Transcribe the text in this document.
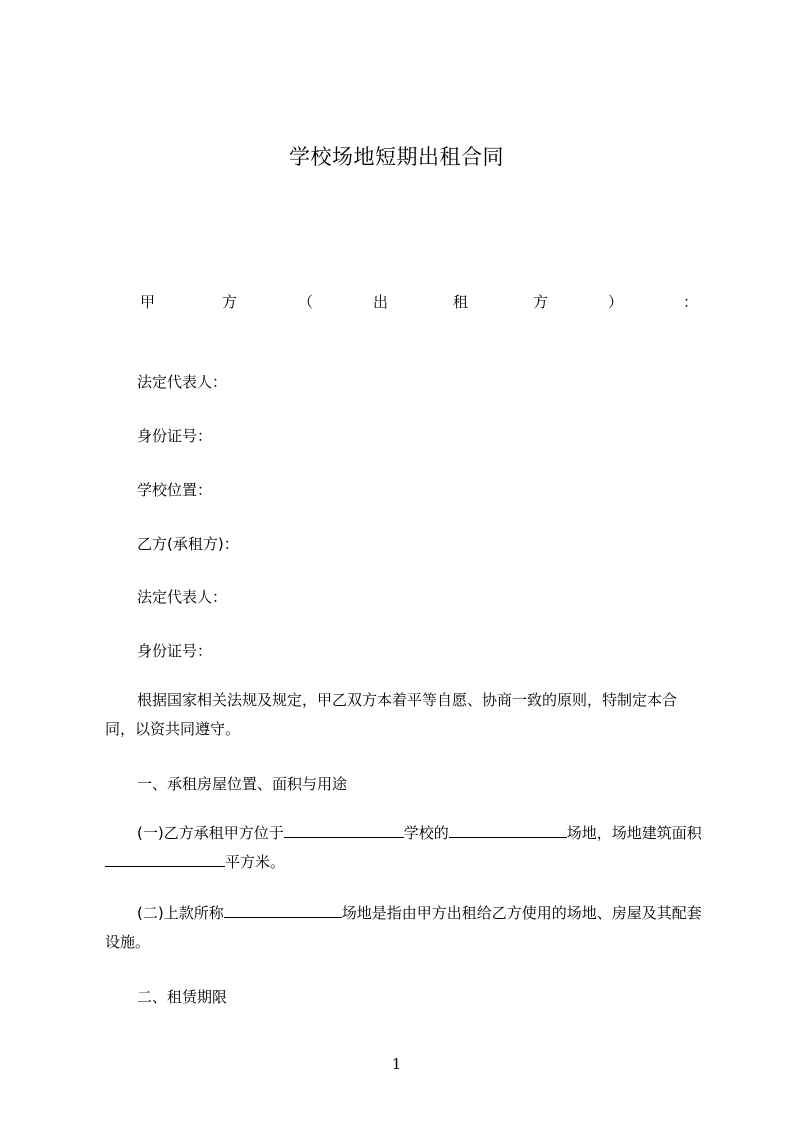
学校场地短期出租合同
甲	方	（	出	租	方	）	：
法定代表人：
身份证号：
学校位置：
乙方(承租方)：
法定代表人：
身份证号：
根据国家相关法规及规定，甲乙双方本着平等自愿、协商一致的原则，特制定本合同，以资共同遵守。
一、承租房屋位置、面积与用途
(一)乙方承租甲方位于	学校的	场地，场地建筑面积平方米。
(二)上款所称	场地是指由甲方出租给乙方使用的场地、房屋及其配套设施。
二、租赁期限
1
